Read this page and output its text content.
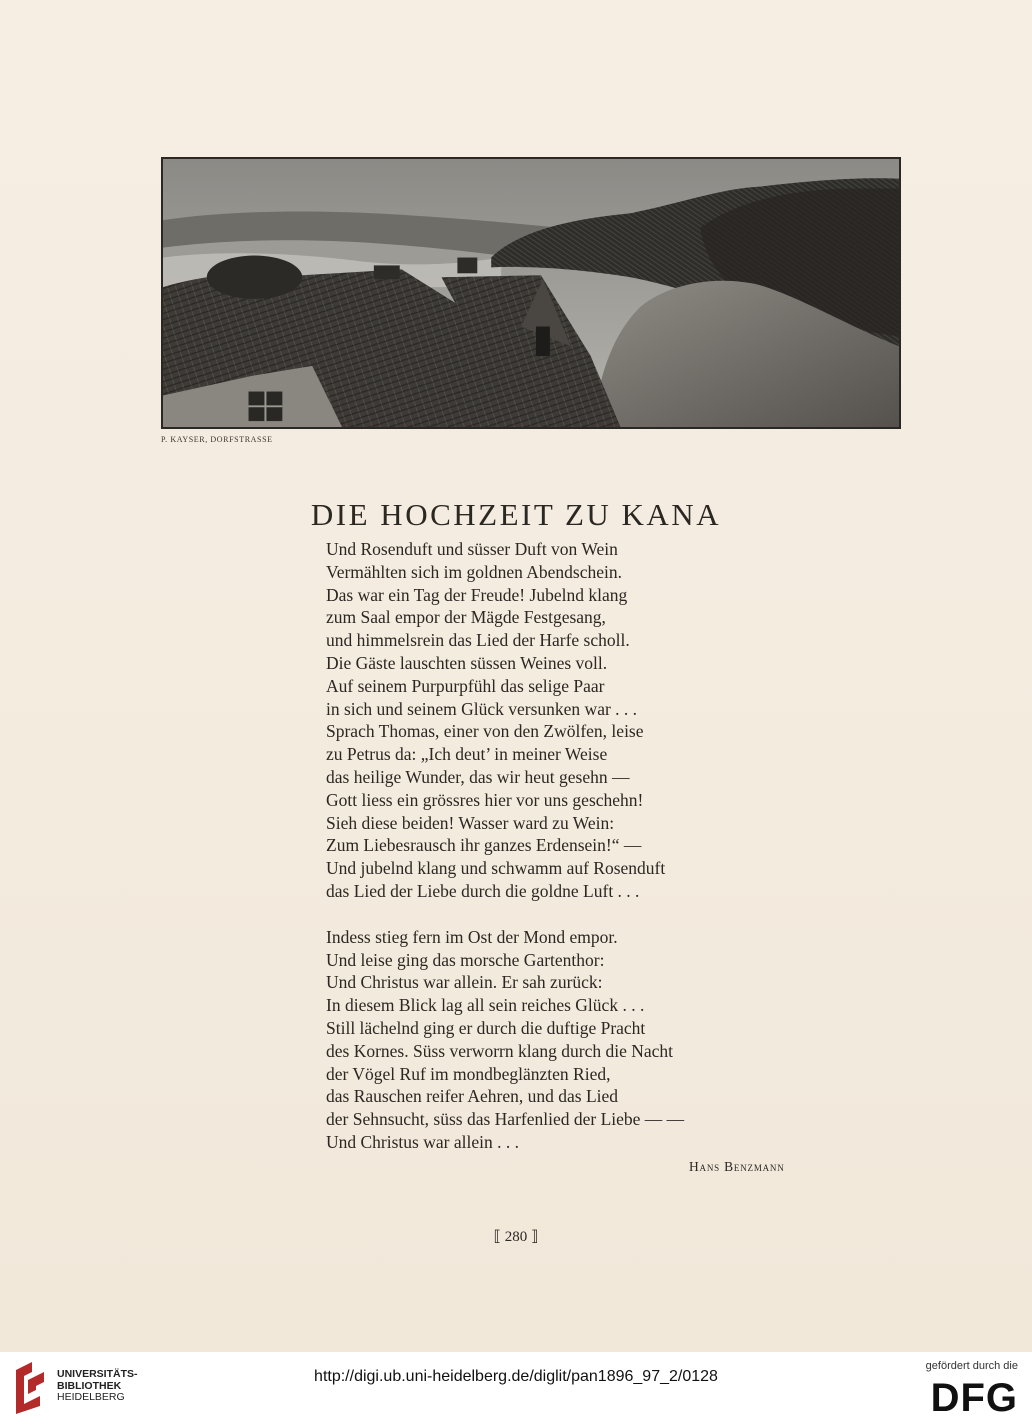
P. KAYSER, DORFSTRASSE
DIE HOCHZEIT ZU KANA
Und Rosenduft und süsser Duft von Wein
Vermählten sich im goldnen Abendschein.
Das war ein Tag der Freude! Jubelnd klang
zum Saal empor der Mägde Festgesang,
und himmelsrein das Lied der Harfe scholl.
Die Gäste lauschten süssen Weines voll.
Auf seinem Purpurpfühl das selige Paar
in sich und seinem Glück versunken war . . .
Sprach Thomas, einer von den Zwölfen, leise
zu Petrus da: „Ich deut’ in meiner Weise
das heilige Wunder, das wir heut gesehn —
Gott liess ein grössres hier vor uns geschehn!
Sieh diese beiden! Wasser ward zu Wein:
Zum Liebesrausch ihr ganzes Erdensein!“ —
Und jubelnd klang und schwamm auf Rosenduft
das Lied der Liebe durch die goldne Luft . . .
Indess stieg fern im Ost der Mond empor.
Und leise ging das morsche Gartenthor:
Und Christus war allein. Er sah zurück:
In diesem Blick lag all sein reiches Glück . . .
Still lächelnd ging er durch die duftige Pracht
des Kornes. Süss verworrn klang durch die Nacht
der Vögel Ruf im mondbeglänzten Ried,
das Rauschen reifer Aehren, und das Lied
der Sehnsucht, süss das Harfenlied der Liebe — —
Und Christus war allein . . .
Hans Benzmann
⟦ 280 ⟧
UNIVERSITÄTS-
BIBLIOTHEK
HEIDELBERG
http://digi.ub.uni-heidelberg.de/diglit/pan1896_97_2/0128
gefördert durch die
DFG
